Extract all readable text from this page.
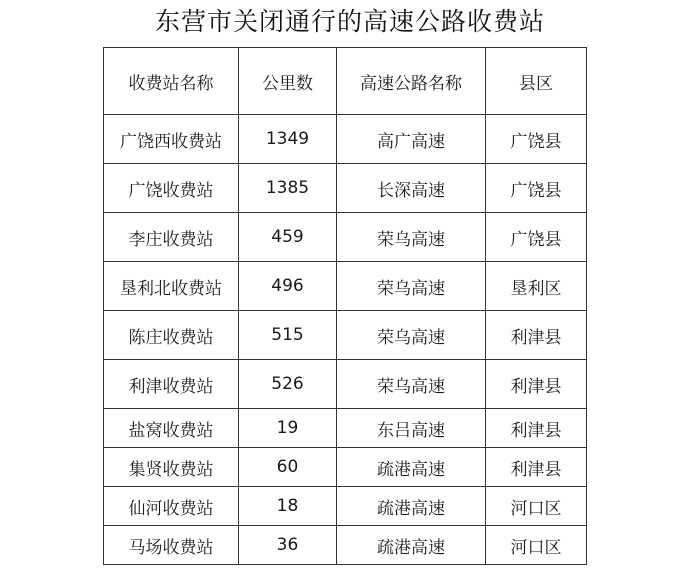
东营市关闭通行的高速公路收费站
收费站名称	公里数	高速公路名称	县区
广饶西收费站	1349	高广高速	广饶县
广饶收费站	1385	长深高速	广饶县
李庄收费站	459	荣乌高速	广饶县
垦利北收费站	496	荣乌高速	垦利区
陈庄收费站	515	荣乌高速	利津县
利津收费站	526	荣乌高速	利津县
盐窝收费站	19	东吕高速	利津县
集贤收费站	60	疏港高速	利津县
仙河收费站	18	疏港高速	河口区
马场收费站	36	疏港高速	河口区
